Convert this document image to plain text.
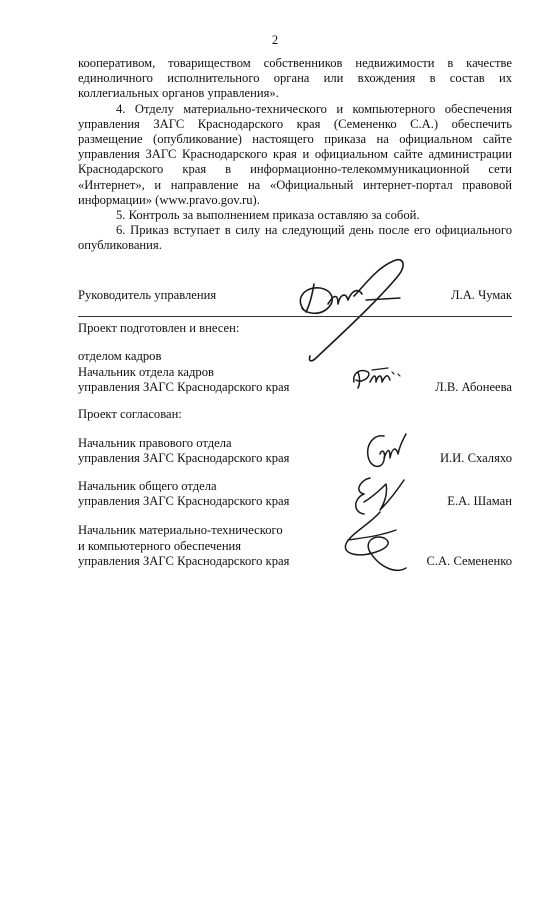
2

кооперативом, товариществом собственников недвижимости в качестве единоличного исполнительного органа или вхождения в состав их коллегиальных органов управления».

4. Отделу материально-технического и компьютерного обеспечения управления ЗАГС Краснодарского края (Семененко С.А.) обеспечить размещение (опубликование) настоящего приказа на официальном сайте управления ЗАГС Краснодарского края и официальном сайте администрации Краснодарского края в информационно-телекоммуникационной сети «Интернет», и направление на «Официальный интернет-портал правовой информации» (www.pravo.gov.ru).

5. Контроль за выполнением приказа оставляю за собой.

6. Приказ вступает в силу на следующий день после его официального опубликования.

Руководитель управления	Л.А. Чумак
Проект подготовлен и внесен:
отделом кадров
Начальник отдела кадров
управления ЗАГС Краснодарского края	Л.В. Абонеева
Проект согласован:
Начальник правового отдела
управления ЗАГС Краснодарского края	И.И. Схаляхо
Начальник общего отдела
управления ЗАГС Краснодарского края	Е.А. Шаман
Начальник материально-технического
и компьютерного обеспечения
управления ЗАГС Краснодарского края	С.А. Семененко
